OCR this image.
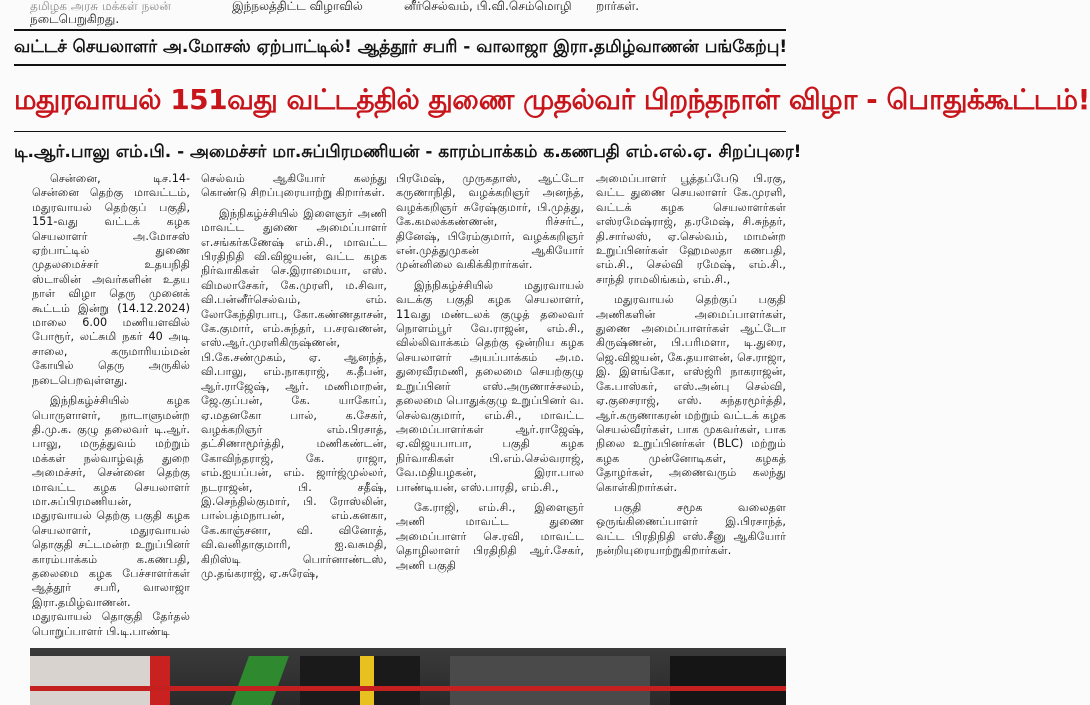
தமிழக அரசு மக்கள் நலன்
நடைபெறுகிறது.
இந்நலத்திட்ட விழாவில்	னீர்செல்வம், பி.வி.செம்மொழி	றார்கள்.
வட்டச் செயலாளர் அ.மோசஸ் ஏற்பாட்டில்! ஆத்தூர் சபரி - வாலாஜா இரா.தமிழ்வாணன் பங்கேற்பு!
மதுரவாயல் 151வது வட்டத்தில் துணை முதல்வர் பிறந்தநாள் விழா - பொதுக்கூட்டம்!
டி.ஆர்.பாலு எம்.பி. - அமைச்சர் மா.சுப்பிரமணியன் - காரம்பாக்கம் க.கணபதி எம்.எல்.ஏ. சிறப்புரை!

சென்னை, டிச.14- சென்னை தெற்கு மாவட்டம், மதுரவாயல் தெற்குப் பகுதி, 151-வது வட்டக் கழக செயலாளர் அ.மோசஸ் ஏற்பாட்டில் துணை முதலமைச்சர் உதயநிதி ஸ்டாலின் அவர்களின் உதய நாள் விழா தெரு முனைக் கூட்டம் இன்று (14.12.2024) மாலை 6.00 மணியளவில் போரூர், லட்சுமி நகர் 40 அடி சாலை, கருமாரியம்மன் கோயில் தெரு அருகில் நடைபெறவுள்ளது.

இந்நிகழ்ச்சியில் கழக பொருளாளர், நாடாளுமன்ற தி.மு.க. குழு தலைவர் டி.ஆர். பாலு, மருத்துவம் மற்றும் மக்கள் நல்வாழ்வுத் துறை அமைச்சர், சென்னை தெற்கு மாவட்ட கழக செயலாளர் மா.சுப்பிரமணியன், மதுரவாயல் தெற்கு பகுதி கழக செயலாளர், மதுரவாயல் தொகுதி சட்டமன்ற உறுப்பினர் காரம்பாக்கம் க.கணபதி, தலைமை கழக பேச்சாளர்கள் ஆத்தூர் சபரி, வாலாஜா இரா.தமிழ்வாணன். மதுரவாயல் தொகுதி தேர்தல் பொறுப்பாளர் பி.டி.பாண்டி

செல்வம் ஆகியோர் கலந்து கொண்டு சிறப்புரையாற்று கிறார்கள்.

இந்நிகழ்ச்சியில் இளைஞர் அணி மாவட்ட துணை அமைப்பாளர் எ.சங்கர்கணேஷ் எம்.சி., மாவட்ட பிரதிநிதி வி.விஜயன், வட்ட கழக நிர்வாகிகள் செ.இராமையா, எஸ். விமலாசேகர், கே.முரளி, ம.சிவா, வி.பன்னீர்செல்வம், எம். லோகேந்திரபாபு, கோ.கண்ணதாசன், கே.குமார், எம்.சுந்தர், ப.சரவணன், எஸ்.ஆர்.முரளிகிருஷ்ணன், பி.கே.சண்முகம், ஏ. ஆனந்த், வி.பாலு, எம்.நாகராஜ், க.தீபன், ஆர்.ராஜேஷ், ஆர். மணிமாறன், ஜே.குப்பன், கே. யாகோப், ஏ.மதனகோ பால், க.சேகர், வழக்கறிஞர் எம்.பிரசாத், தட்சிணாமூர்த்தி, மணிகண்டன், கோவிந்தராஜ், கே. ராஜா, எம்.ஐயப்பன், எம். ஜார்ஜ்முல்லர், நடராஜன், பி. சதீஷ், இ.செந்தில்குமார், பி. ரோஸ்லின், பால்பத்மநாபன், எம்.கனகா, கே.காஞ்சனா, வி. வினோத், வி.வனிதாகுமாரி, ஐ.வசுமதி, கிறிஸ்டி பொர்னாண்டஸ், மு.தங்கராஜ், ஏ.சுரேஷ்,

பிரமேஷ், முருகதாஸ், ஆட்டோ கருணாநிதி, வழக்கறிஞர் அனந்த், வழக்கறிஞர் சுரேஷ்குமார், பி.முத்து, கே.கமலக்கண்ணன், ரிச்சர்ட், தினேஷ், பிரேம்குமார், வழக்கறிஞர் என்.முத்துமுகன் ஆகியோர் முன்னிலை வகிக்கிறார்கள்.

இந்நிகழ்ச்சியில் மதுரவாயல் வடக்கு பகுதி கழக செயலாளர், 11வது மண்டலக் குழுத் தலைவர் நொளம்பூர் வே.ராஜன், எம்.சி., வில்லிவாக்கம் தெற்கு ஒன்றிய கழக செயலாளர் அயப்பாக்கம் அ.ம. துரைவீரமணி, தலைமை செயற்குழு உறுப்பினர் எஸ்.அருணாச்சலம், தலைமை பொதுக்குழு உறுப்பினர் வ. செல்வகுமார், எம்.சி., மாவட்ட அமைப்பாளர்கள் ஆர்.ராஜேஷ், ஏ.விஜயபாபா, பகுதி கழக நிர்வாகிகள் பி.எம்.செல்வராஜ், வே.மதியழகன், இரா.பால பாண்டியன், எஸ்.பாரதி, எம்.சி.,

கே.ராஜி, எம்.சி., இளைஞர் அணி மாவட்ட துணை அமைப்பாளர் செ.ரவி, மாவட்ட தொழிலாளர் பிரதிநிதி ஆர்.சேகர், அணி பகுதி

அமைப்பாளர் பூத்தப்பேடு பி.ரகு, வட்ட துணை செயலாளர் கே.முரளி, வட்டக் கழக செயலாளர்கள் எஸ்ரமேஷ்ராஜ், த.ரமேஷ், சி.சுந்தர், தி.சார்லஸ், ஏ.செல்வம், மாமன்ற உறுப்பினர்கள் ஹேமலதா கணபதி, எம்.சி., செல்வி ரமேஷ், எம்.சி., சாந்தி ராமலிங்கம், எம்.சி.,

மதுரவாயல் தெற்குப் பகுதி அணிகளின் அமைப்பாளர்கள், துணை அமைப்பாளர்கள் ஆட்டோ கிருஷ்ணன், பி.பரிமளா, டி.துரை, ஜெ.விஜயன், கே.தயாளன், செ.ராஜா, இ. இளங்கோ, எஸ்ஜ்ரி நாகராஜன், கே.பாஸ்கர், எஸ்.அன்பு செல்வி, ஏ.குசைராஜ், எஸ். சுந்தரமூர்த்தி, ஆர்.கருணாகரன் மற்றும் வட்டக் கழக செயல்வீரர்கள், பாக முகவர்கள், பாக நிலை உறுப்பினர்கள் (BLC) மற்றும் கழக முன்னோடிகள், கழகத் தோழர்கள், அணைவரும் கலந்து கொள்கிறார்கள்.

பகுதி சமூக வலைதள ஒருங்கிணைப்பாளர் இ.பிரசாந்த், வட்ட பிரதிநிதி எஸ்.சீனு ஆகியோர் நன்றியுரையாற்றுகிறார்கள்.
